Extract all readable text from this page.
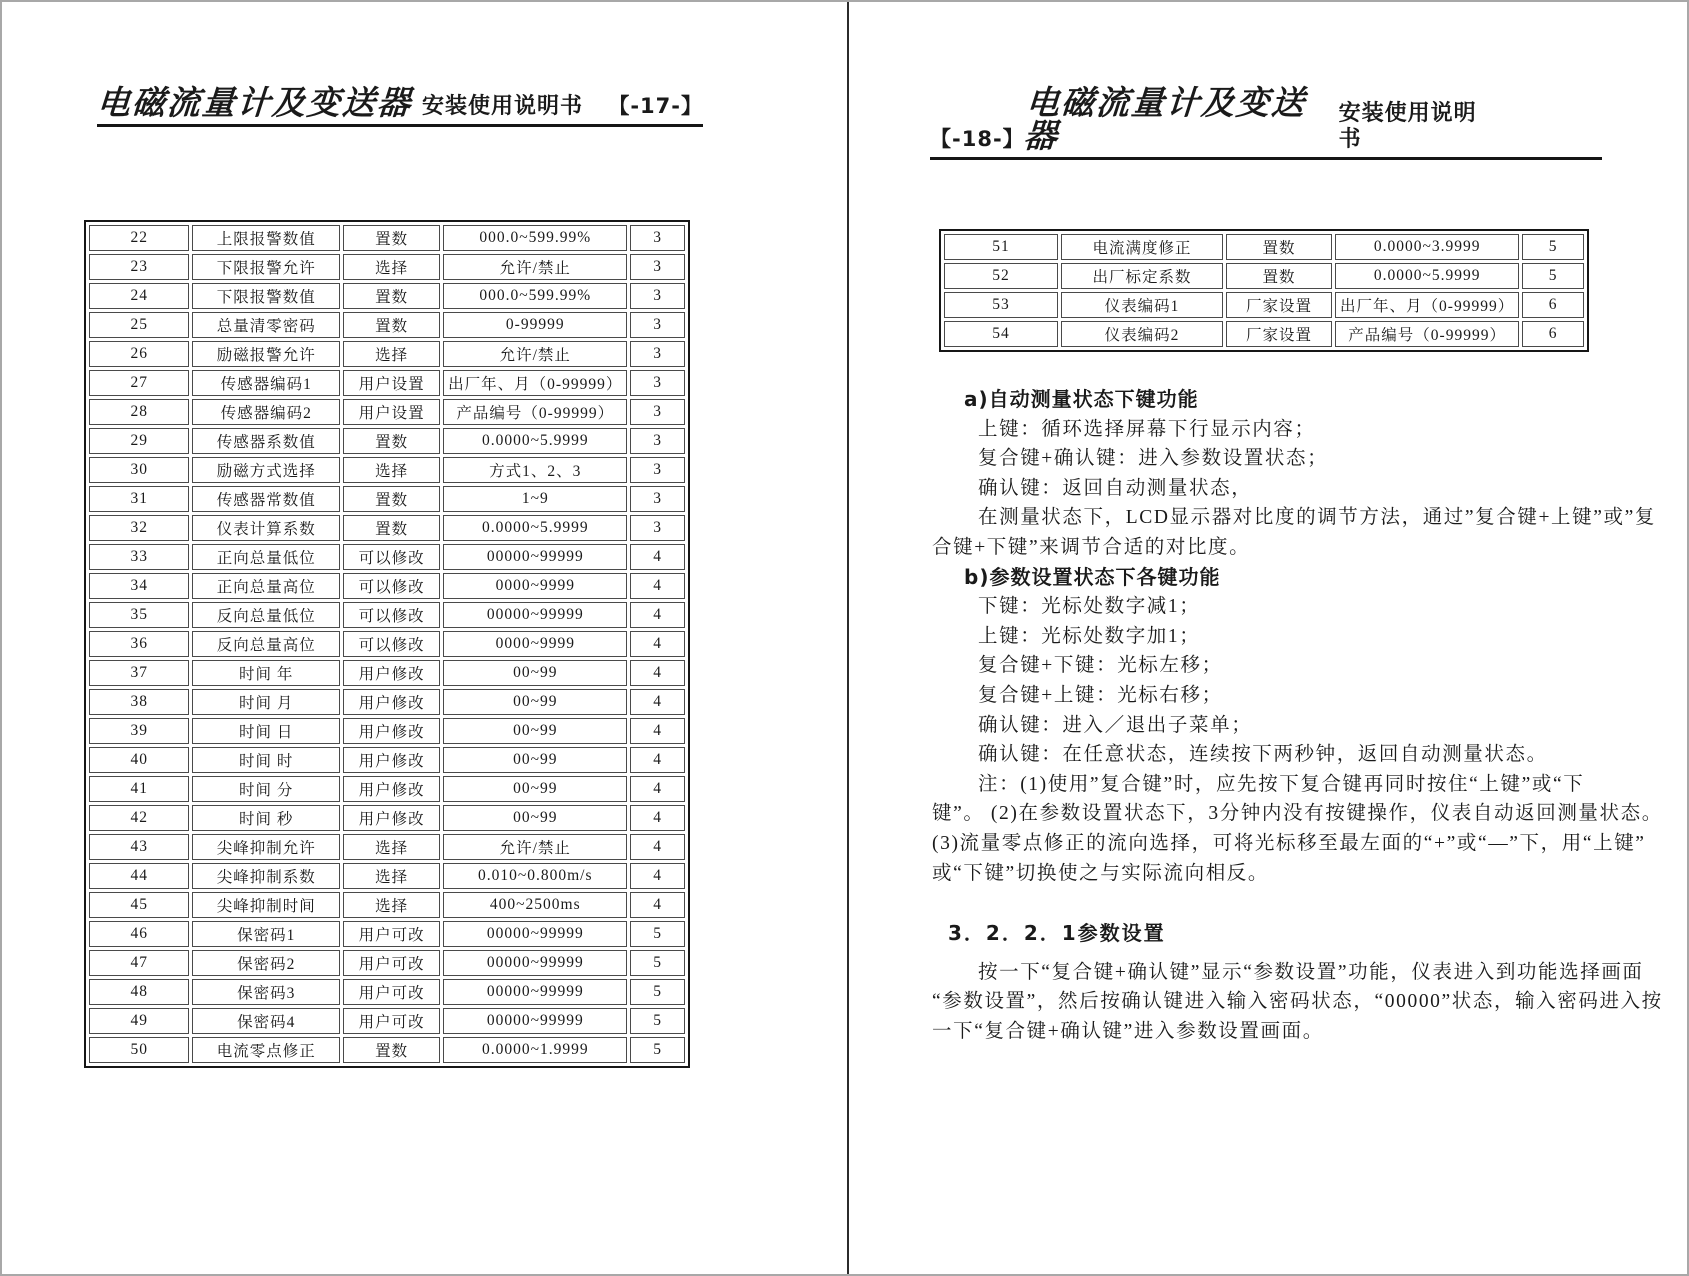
电磁流量计及变送器 安装使用说明书 【-17-】
22	上限报警数值	置数	000.0~599.99%	3
23	下限报警允许	选择	允许/禁止	3
24	下限报警数值	置数	000.0~599.99%	3
25	总量清零密码	置数	0-99999	3
26	励磁报警允许	选择	允许/禁止	3
27	传感器编码1	用户设置	出厂年、月（0-99999）	3
28	传感器编码2	用户设置	产品编号（0-99999）	3
29	传感器系数值	置数	0.0000~5.9999	3
30	励磁方式选择	选择	方式1、2、3	3
31	传感器常数值	置数	1~9	3
32	仪表计算系数	置数	0.0000~5.9999	3
33	正向总量低位	可以修改	00000~99999	4
34	正向总量高位	可以修改	0000~9999	4
35	反向总量低位	可以修改	00000~99999	4
36	反向总量高位	可以修改	0000~9999	4
37	时间 年	用户修改	00~99	4
38	时间 月	用户修改	00~99	4
39	时间 日	用户修改	00~99	4
40	时间 时	用户修改	00~99	4
41	时间 分	用户修改	00~99	4
42	时间 秒	用户修改	00~99	4
43	尖峰抑制允许	选择	允许/禁止	4
44	尖峰抑制系数	选择	0.010~0.800m/s	4
45	尖峰抑制时间	选择	400~2500ms	4
46	保密码1	用户可改	00000~99999	5
47	保密码2	用户可改	00000~99999	5
48	保密码3	用户可改	00000~99999	5
49	保密码4	用户可改	00000~99999	5
50	电流零点修正	置数	0.0000~1.9999	5
【-18-】
电磁流量计及变送器
安装使用说明书
51	电流满度修正	置数	0.0000~3.9999	5
52	出厂标定系数	置数	0.0000~5.9999	5
53	仪表编码1	厂家设置	出厂年、月（0-99999）	6
54	仪表编码2	厂家设置	产品编号（0-99999）	6
a)自动测量状态下键功能
上键：循环选择屏幕下行显示内容；
复合键+确认键：进入参数设置状态；
确认键：返回自动测量状态，
在测量状态下，LCD显示器对比度的调节方法，通过”复合键+上键”或”复
合键+下键”来调节合适的对比度。
b)参数设置状态下各键功能
下键：光标处数字减1；
上键：光标处数字加1；
复合键+下键：光标左移；
复合键+上键：光标右移；
确认键：进入／退出子菜单；
确认键：在任意状态，连续按下两秒钟，返回自动测量状态。
注：(1)使用”复合键”时，应先按下复合键再同时按住“上键”或“下
键”。 (2)在参数设置状态下，3分钟内没有按键操作，仪表自动返回测量状态。
(3)流量零点修正的流向选择，可将光标移至最左面的“+”或“—”下，用“上键”
或“下键”切换使之与实际流向相反。
3．2．2．1参数设置
按一下“复合键+确认键”显示“参数设置”功能，仪表进入到功能选择画面
“参数设置”，然后按确认键进入输入密码状态，“00000”状态，输入密码进入按
一下“复合键+确认键”进入参数设置画面。
